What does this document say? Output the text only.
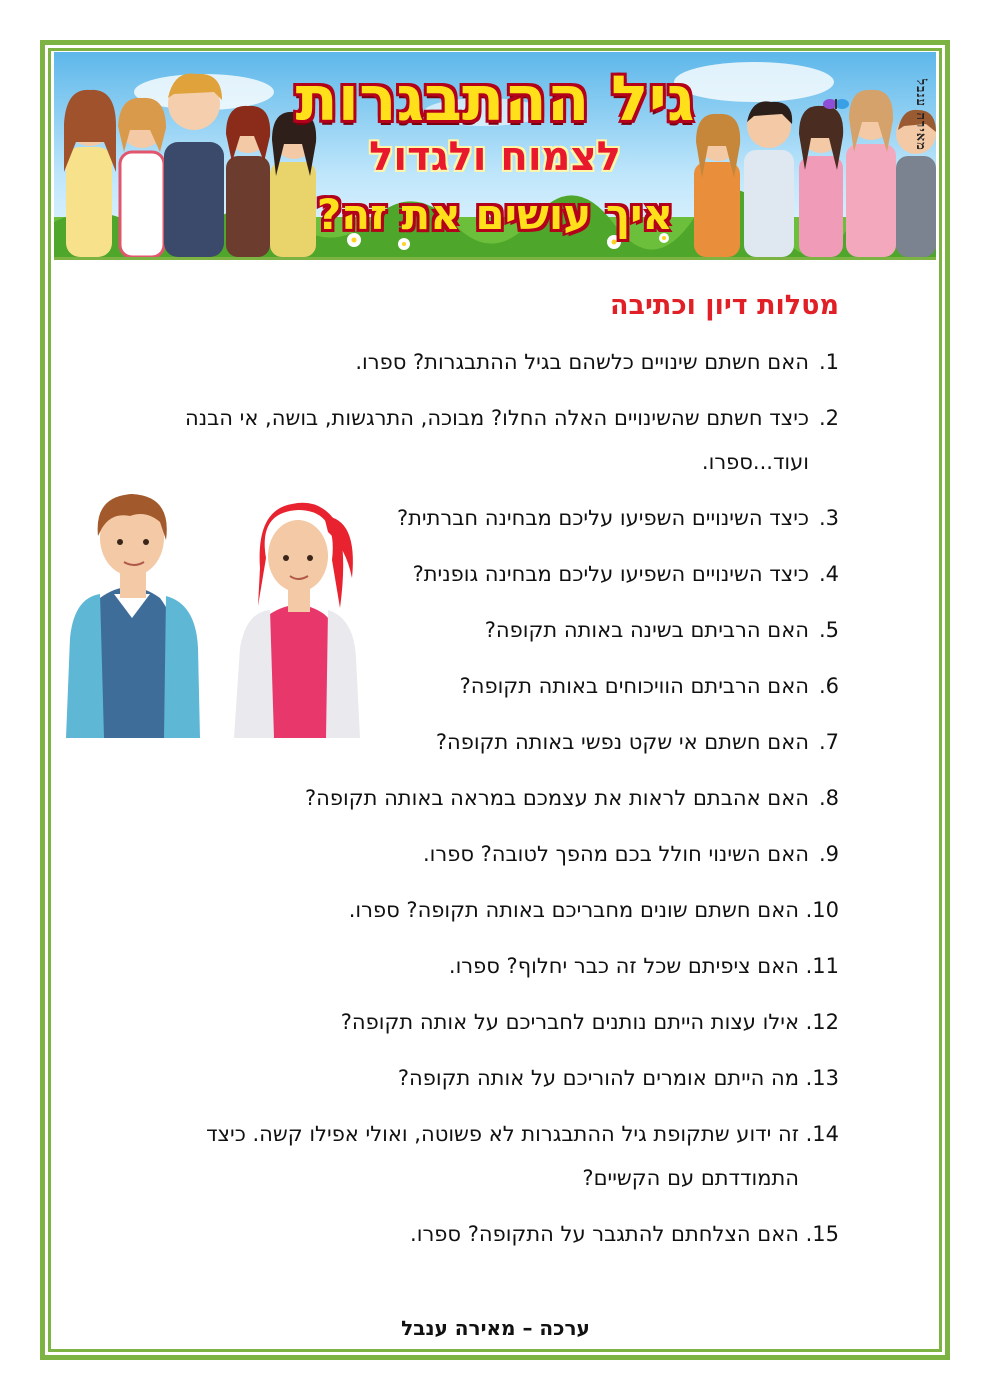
גיל ההתבגרות
לצמוח ולגדול
איך עושים את זה?
מאירה ענבל
מטלות דיון וכתיבה
1.
האם חשתם שינויים כלשהם בגיל ההתבגרות? ספרו.
2.
כיצד חשתם שהשינויים האלה החלו? מבוכה, התרגשות, בושה, אי הבנה ועוד...ספרו.
3.
כיצד השינויים השפיעו עליכם מבחינה חברתית?
4.
כיצד השינויים השפיעו עליכם מבחינה גופנית?
5.
האם הרביתם בשינה באותה תקופה?
6.
האם הרביתם הוויכוחים באותה תקופה?
7.
האם חשתם אי שקט נפשי באותה תקופה?
8.
האם אהבתם לראות את עצמכם במראה באותה תקופה?
9.
האם השינוי חולל בכם מהפך לטובה? ספרו.
10.
האם חשתם שונים מחבריכם באותה תקופה? ספרו.
11.
האם ציפיתם שכל זה כבר יחלוף? ספרו.
12.
אילו עצות הייתם נותנים לחבריכם על אותה תקופה?
13.
מה הייתם אומרים להוריכם על אותה תקופה?
14.
זה ידוע שתקופת גיל ההתבגרות לא פשוטה, ואולי אפילו קשה. כיצד התמודדתם עם הקשיים?
15.
האם הצלחתם להתגבר על התקופה? ספרו.
ערכה – מאירה ענבל
